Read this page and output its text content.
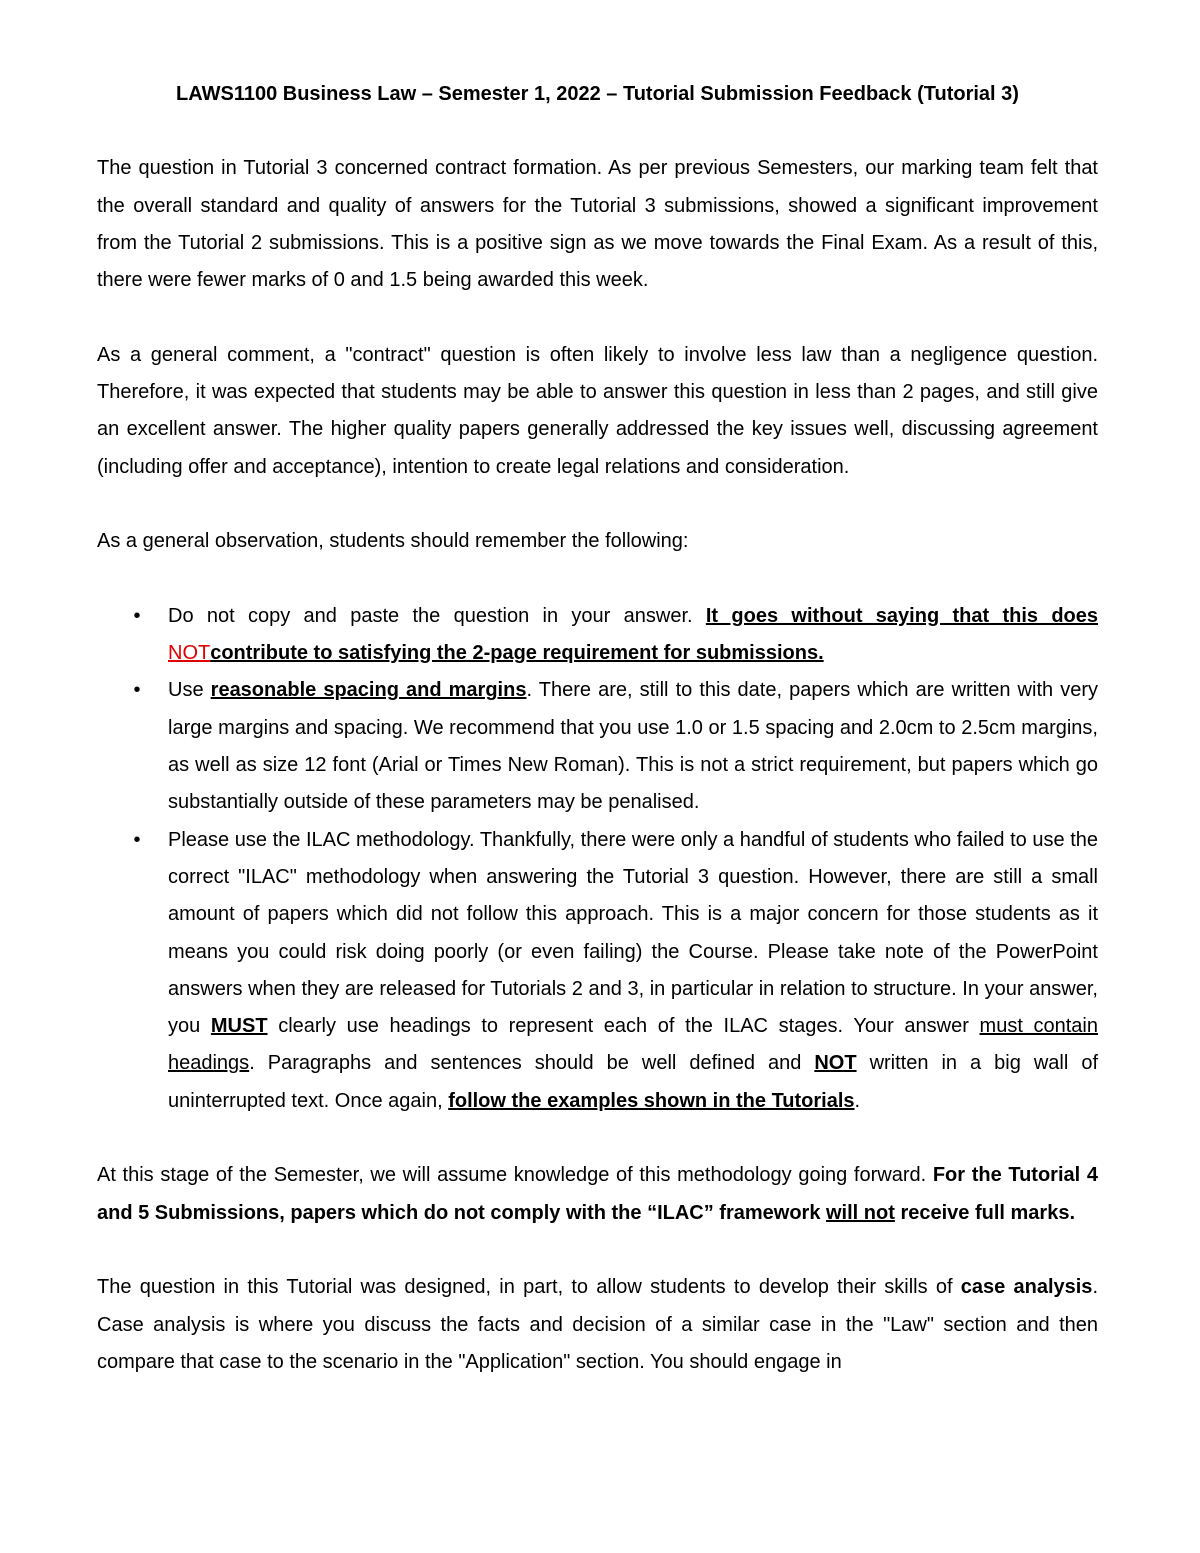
LAWS1100 Business Law – Semester 1, 2022 – Tutorial Submission Feedback (Tutorial 3)

The question in Tutorial 3 concerned contract formation. As per previous Semesters, our marking team felt that the overall standard and quality of answers for the Tutorial 3 submissions, showed a significant improvement from the Tutorial 2 submissions. This is a positive sign as we move towards the Final Exam. As a result of this, there were fewer marks of 0 and 1.5 being awarded this week.

As a general comment, a "contract" question is often likely to involve less law than a negligence question. Therefore, it was expected that students may be able to answer this question in less than 2 pages, and still give an excellent answer. The higher quality papers generally addressed the key issues well, discussing agreement (including offer and acceptance), intention to create legal relations and consideration.

As a general observation, students should remember the following:

• Do not copy and paste the question in your answer. It goes without saying that this does NOTcontribute to satisfying the 2-page requirement for submissions.
• Use reasonable spacing and margins. There are, still to this date, papers which are written with very large margins and spacing. We recommend that you use 1.0 or 1.5 spacing and 2.0cm to 2.5cm margins, as well as size 12 font (Arial or Times New Roman). This is not a strict requirement, but papers which go substantially outside of these parameters may be penalised.
• Please use the ILAC methodology. Thankfully, there were only a handful of students who failed to use the correct "ILAC" methodology when answering the Tutorial 3 question. However, there are still a small amount of papers which did not follow this approach. This is a major concern for those students as it means you could risk doing poorly (or even failing) the Course. Please take note of the PowerPoint answers when they are released for Tutorials 2 and 3, in particular in relation to structure. In your answer, you MUST clearly use headings to represent each of the ILAC stages. Your answer must contain headings. Paragraphs and sentences should be well defined and NOT written in a big wall of uninterrupted text. Once again, follow the examples shown in the Tutorials.

At this stage of the Semester, we will assume knowledge of this methodology going forward. For the Tutorial 4 and 5 Submissions, papers which do not comply with the “ILAC” framework will not receive full marks.

The question in this Tutorial was designed, in part, to allow students to develop their skills of case analysis. Case analysis is where you discuss the facts and decision of a similar case in the "Law" section and then compare that case to the scenario in the "Application" section. You should engage in
